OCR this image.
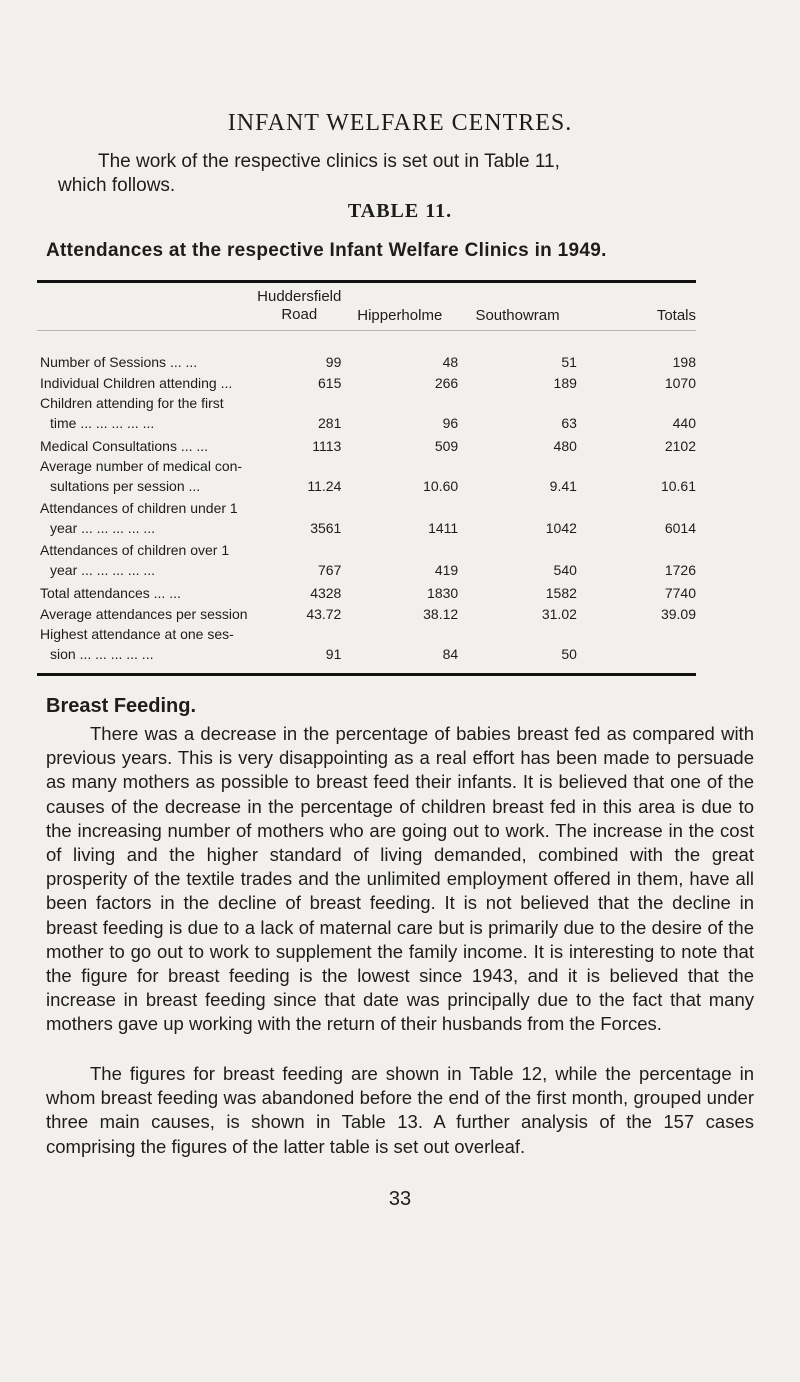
INFANT WELFARE CENTRES.
The work of the respective clinics is set out in Table 11,
which follows.
TABLE 11.
Attendances at the respective Infant Welfare Clinics in 1949.
	Huddersfield
Road	Hipperholme	Southowram	Totals
Number of Sessions ... ...	99	48	51	198
Individual Children attending ...	615	266	189	1070
Children attending for the first
time ... ... ... ... ...	281	96	63	440
Medical Consultations ... ...	1113	509	480	2102
Average number of medical con-
sultations per session ...	11.24	10.60	9.41	10.61
Attendances of children under 1
year ... ... ... ... ...	3561	1411	1042	6014
Attendances of children over 1
year ... ... ... ... ...	767	419	540	1726
Total attendances ... ...	4328	1830	1582	7740
Average attendances per session	43.72	38.12	31.02	39.09
Highest attendance at one ses-
sion ... ... ... ... ...	91	84	50	
Breast Feeding.
There was a decrease in the percentage of babies breast fed as compared with previous years. This is very disappointing as a real effort has been made to persuade as many mothers as possible to breast feed their infants. It is believed that one of the causes of the decrease in the percentage of children breast fed in this area is due to the increasing number of mothers who are going out to work. The increase in the cost of living and the higher standard of living demanded, combined with the great prosperity of the textile trades and the unlimited employment offered in them, have all been factors in the decline of breast feeding. It is not believed that the decline in breast feeding is due to a lack of maternal care but is primarily due to the desire of the mother to go out to work to supplement the family income. It is interesting to note that the figure for breast feeding is the lowest since 1943, and it is believed that the increase in breast feeding since that date was principally due to the fact that many mothers gave up working with the return of their husbands from the Forces.
The figures for breast feeding are shown in Table 12, while the percentage in whom breast feeding was abandoned before the end of the first month, grouped under three main causes, is shown in Table 13. A further analysis of the 157 cases comprising the figures of the latter table is set out overleaf.
33
